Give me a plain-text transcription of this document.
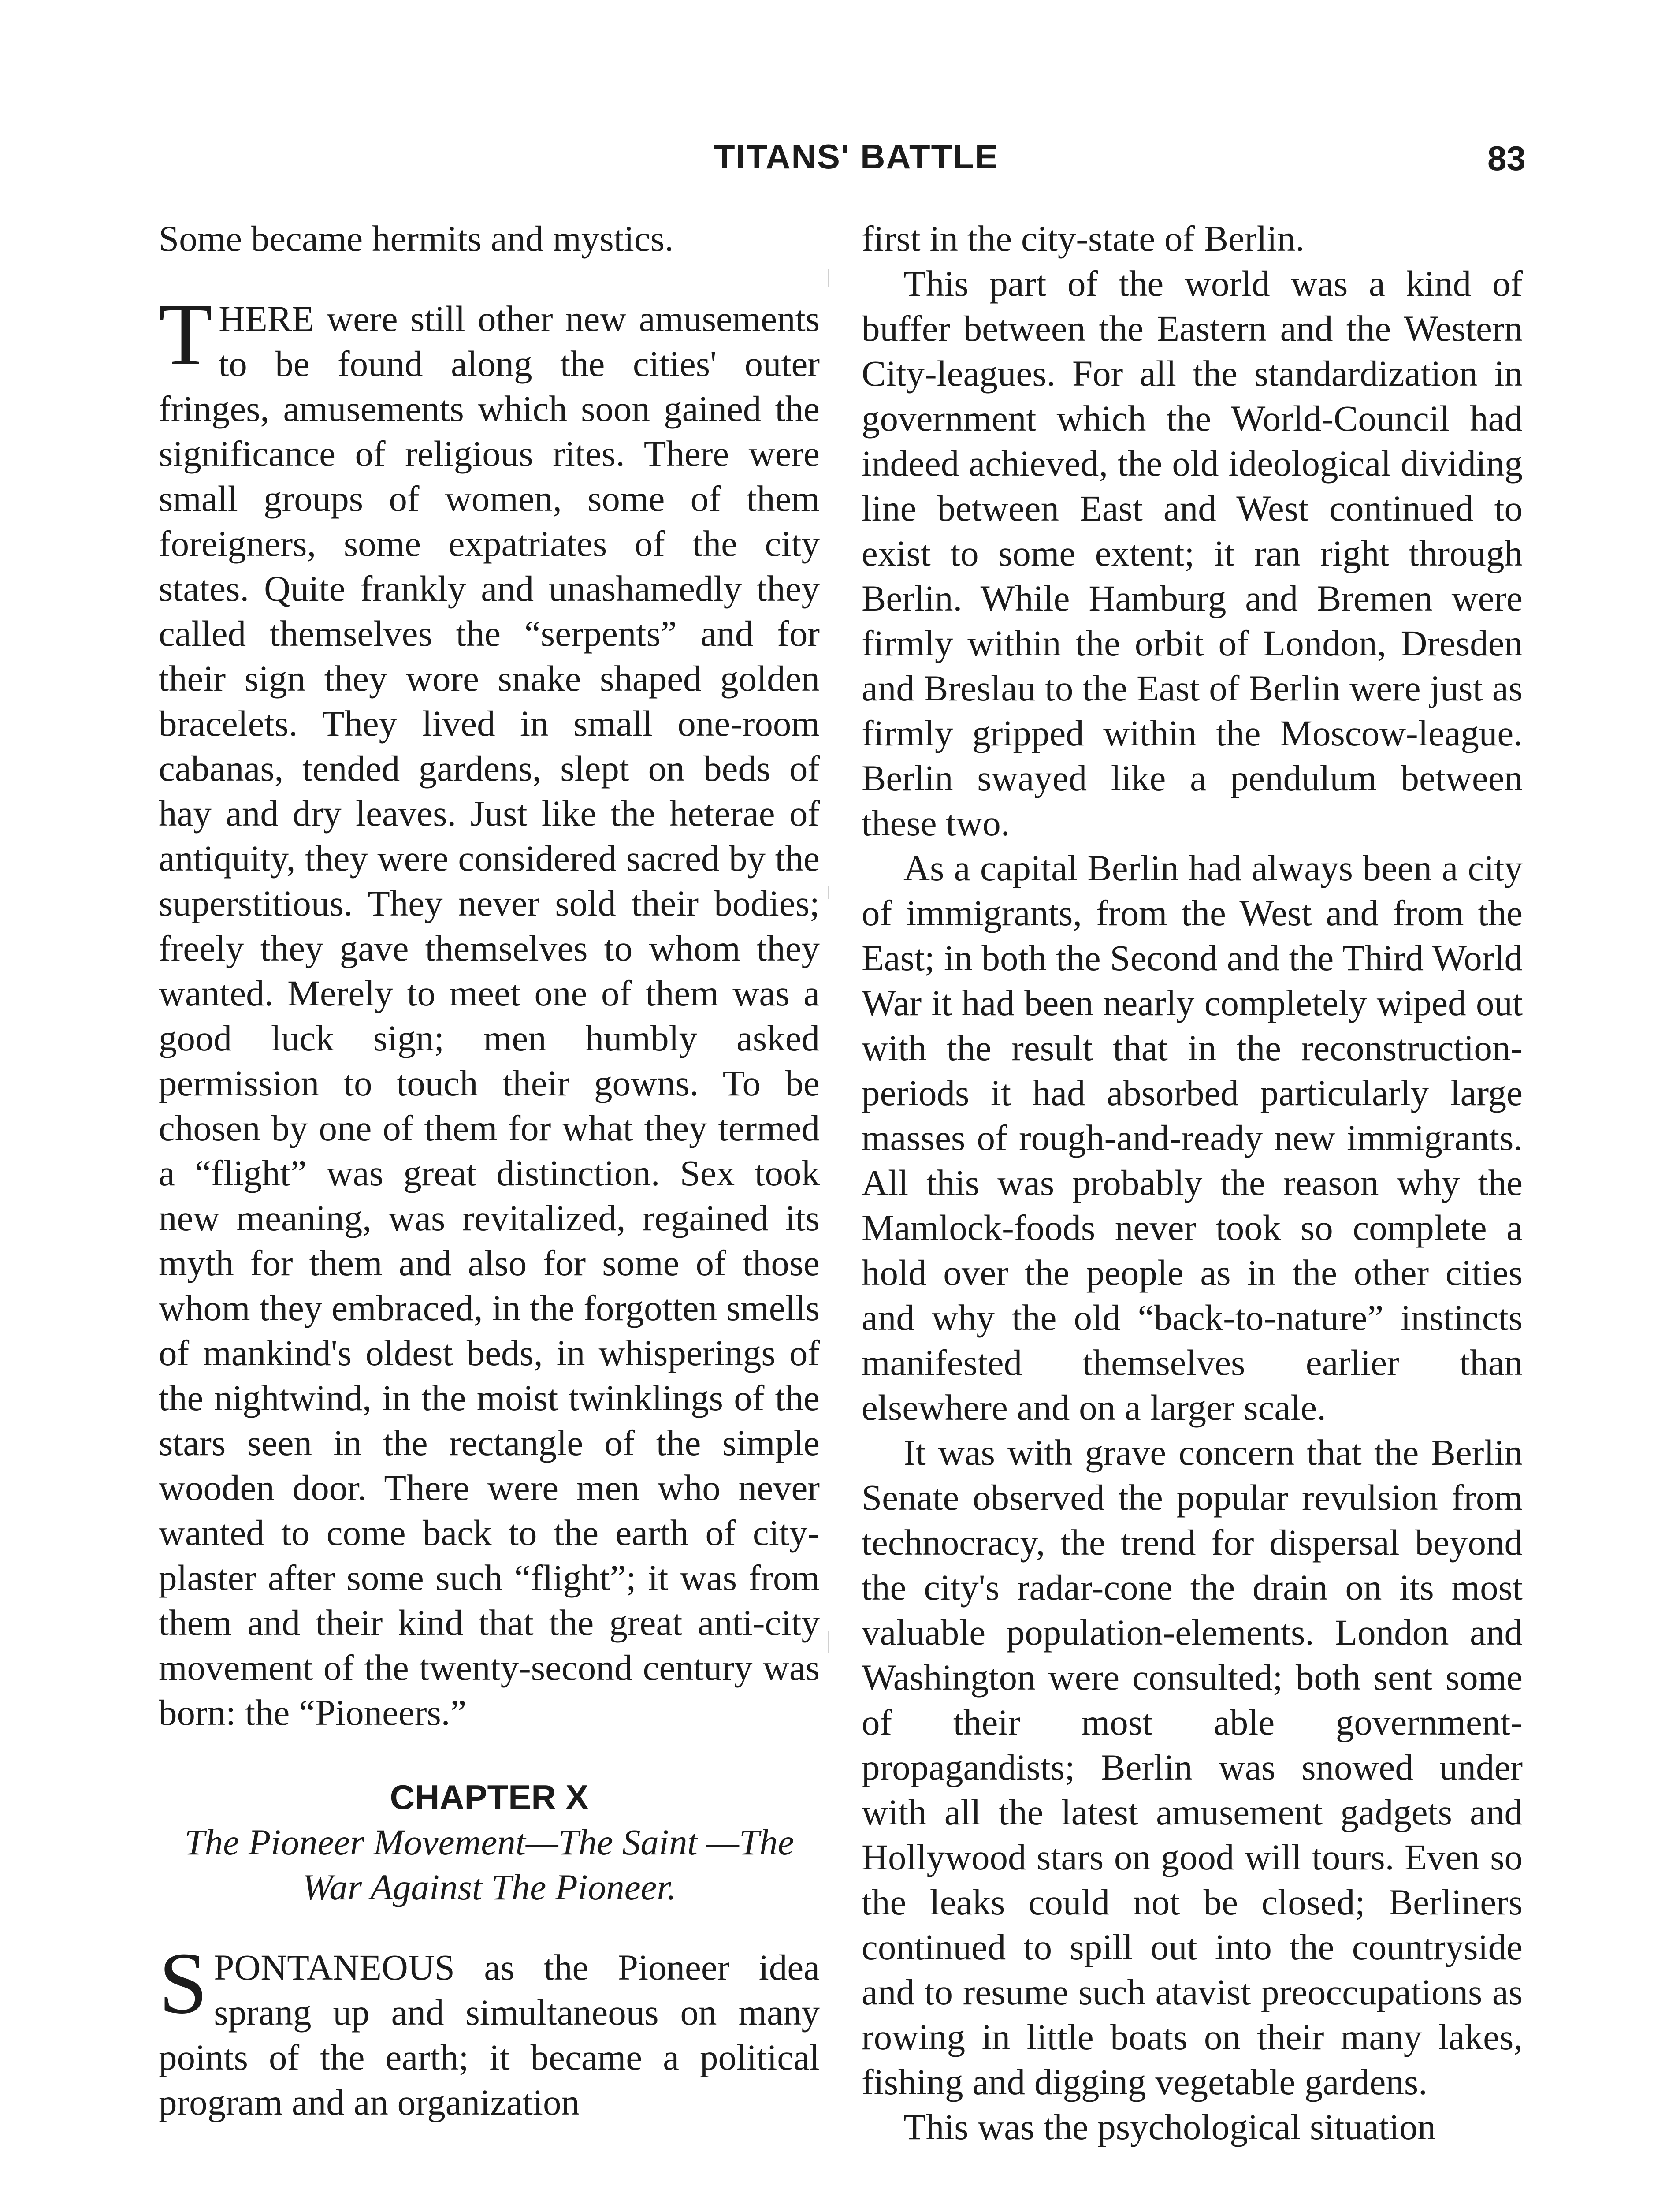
TITANS' BATTLE	83

Some became hermits and mystics.

THERE were still other new amusements to be found along the cities' outer fringes, amusements which soon gained the significance of religious rites. There were small groups of women, some of them foreigners, some expatriates of the city states. Quite frankly and unashamedly they called themselves the “serpents” and for their sign they wore snake shaped golden bracelets. They lived in small one-room cabanas, tended gardens, slept on beds of hay and dry leaves. Just like the heterae of antiquity, they were considered sacred by the superstitious. They never sold their bodies; freely they gave themselves to whom they wanted. Merely to meet one of them was a good luck sign; men humbly asked permission to touch their gowns. To be chosen by one of them for what they termed a “flight” was great distinction. Sex took new meaning, was revitalized, regained its myth for them and also for some of those whom they embraced, in the forgotten smells of mankind's oldest beds, in whisperings of the nightwind, in the moist twinklings of the stars seen in the rectangle of the simple wooden door. There were men who never wanted to come back to the earth of city-plaster after some such “flight”; it was from them and their kind that the great anti-city movement of the twenty-second century was born: the “Pioneers.”

CHAPTER X

The Pioneer Movement—The Saint —The War Against The Pioneer.

SPONTANEOUS as the Pioneer idea sprang up and simultaneous on many points of the earth; it became a political program and an organization

first in the city-state of Berlin.

This part of the world was a kind of buffer between the Eastern and the Western City-leagues. For all the standardization in government which the World-Council had indeed achieved, the old ideological dividing line between East and West continued to exist to some extent; it ran right through Berlin. While Hamburg and Bremen were firmly within the orbit of London, Dresden and Breslau to the East of Berlin were just as firmly gripped within the Moscow-league. Berlin swayed like a pendulum between these two.

As a capital Berlin had always been a city of immigrants, from the West and from the East; in both the Second and the Third World War it had been nearly completely wiped out with the result that in the reconstruction-periods it had absorbed particularly large masses of rough-and-ready new immigrants. All this was probably the reason why the Mamlock-foods never took so complete a hold over the people as in the other cities and why the old “back-to-nature” instincts manifested themselves earlier than elsewhere and on a larger scale.

It was with grave concern that the Berlin Senate observed the popular revulsion from technocracy, the trend for dispersal beyond the city's radar-cone the drain on its most valuable population-elements. London and Washington were consulted; both sent some of their most able government-propagandists; Berlin was snowed under with all the latest amusement gadgets and Hollywood stars on good will tours. Even so the leaks could not be closed; Berliners continued to spill out into the countryside and to resume such atavist preoccupations as rowing in little boats on their many lakes, fishing and digging vegetable gardens.

This was the psychological situation
